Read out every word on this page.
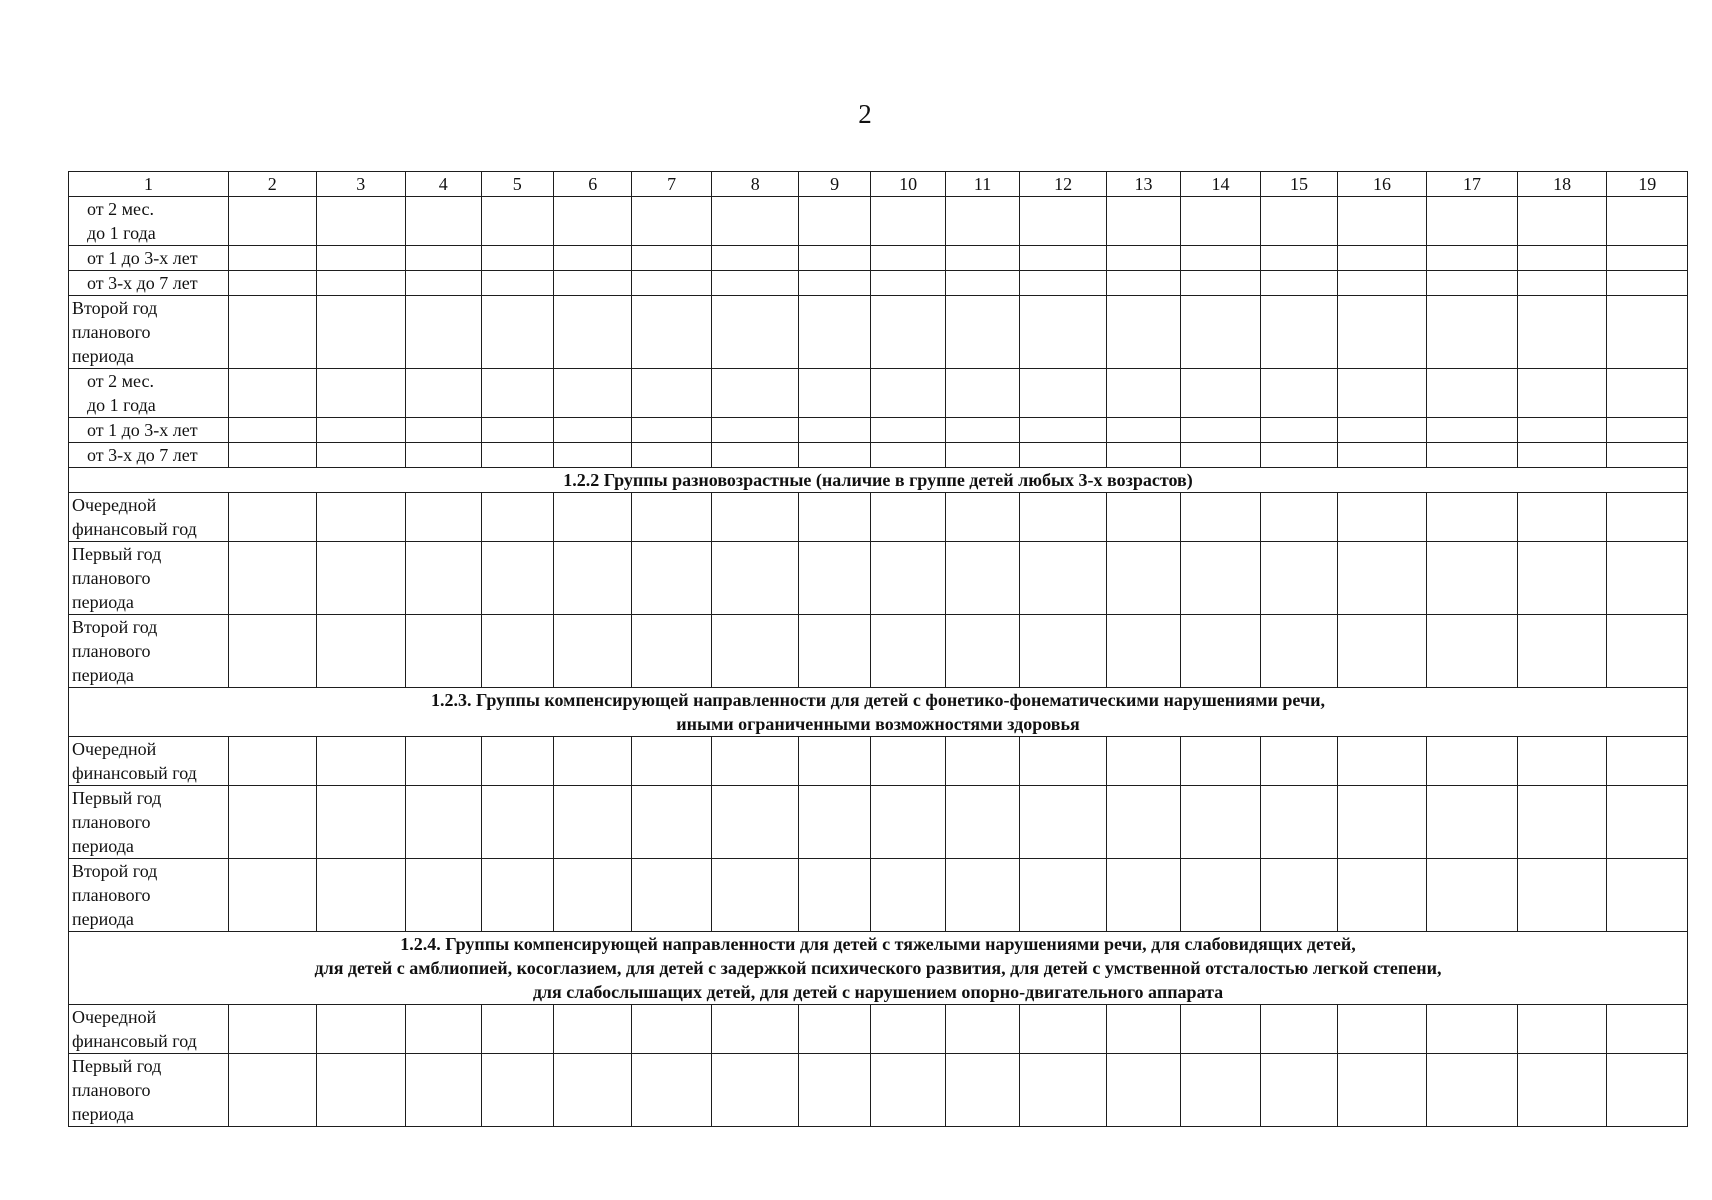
2
1	2	3	4	5	6	7	8	9	10	11	12	13	14	15	16	17	18	19

от 2 мес.
до 1 года																		

от 1 до 3-х лет																		

от 3-х до 7 лет																		

Второй год
планового
периода																		

от 2 мес.
до 1 года																		

от 1 до 3-х лет																		

от 3-х до 7 лет																		

1.2.2 Группы разновозрастные (наличие в группе детей любых 3-х возрастов)																		

Очередной
финансовый год																		

Первый год
планового
периода																		

Второй год
планового
периода																		

1.2.3. Группы компенсирующей направленности для детей с фонетико-фонематическими нарушениями речи,
иными ограниченными возможностями здоровья																		

Очередной
финансовый год																		

Первый год
планового
периода																		

Второй год
планового
периода																		

1.2.4. Группы компенсирующей направленности для детей с тяжелыми нарушениями речи, для слабовидящих детей,
для детей с амблиопией, косоглазием, для детей с задержкой психического развития, для детей с умственной отсталостью легкой степени,
для слабослышащих детей, для детей с нарушением опорно-двигательного аппарата																		

Очередной
финансовый год																		

Первый год
планового
периода																		
